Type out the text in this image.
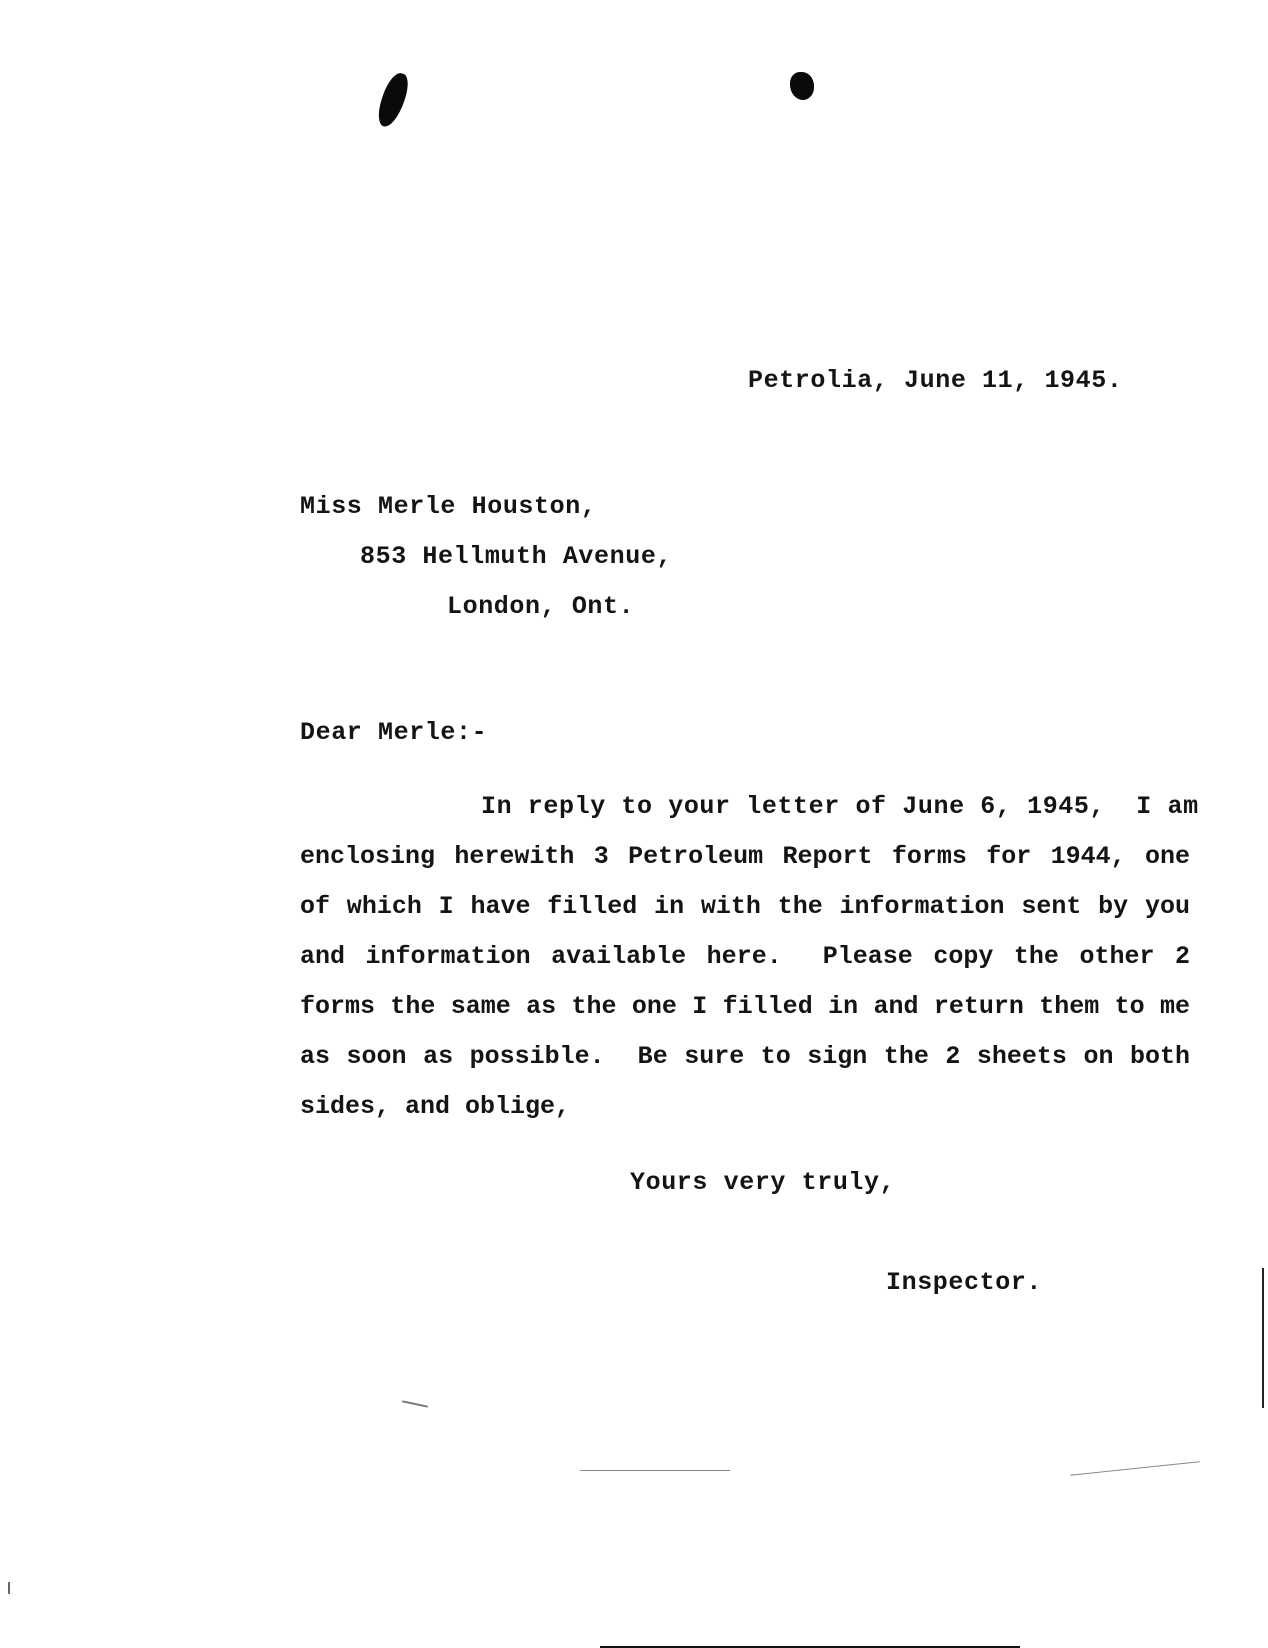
Petrolia, June 11, 1945.
Miss Merle Houston,
853 Hellmuth Avenue,
London, Ont.
Dear Merle:-
In reply to your letter of June 6, 1945,  I am
enclosing herewith 3 Petroleum Report forms for 1944, one
of which I have filled in with the information sent by you
and information available here.  Please copy the other 2
forms the same as the one I filled in and return them to me
as soon as possible.  Be sure to sign the 2 sheets on both
sides, and oblige,
Yours very truly,
Inspector.
